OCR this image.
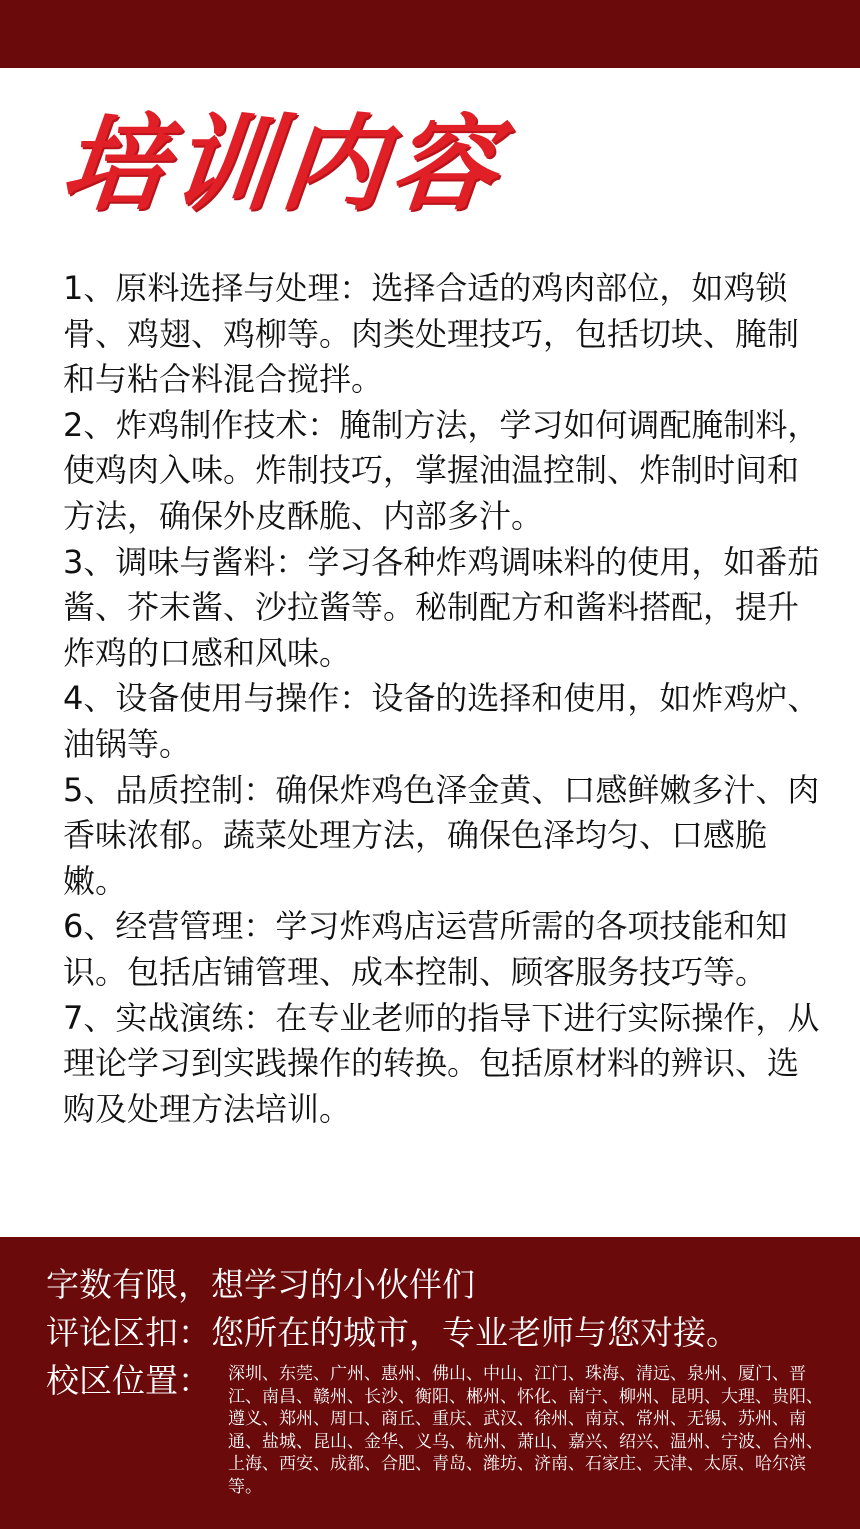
培训内容

1、原料选择与处理：选择合适的鸡肉部位，如鸡锁骨、鸡翅、鸡柳等。肉类处理技巧，包括切块、腌制和与粘合料混合搅拌。

2、炸鸡制作技术：腌制方法，学习如何调配腌制料，使鸡肉入味。炸制技巧，掌握油温控制、炸制时间和方法，确保外皮酥脆、内部多汁。

3、调味与酱料：学习各种炸鸡调味料的使用，如番茄酱、芥末酱、沙拉酱等。秘制配方和酱料搭配，提升炸鸡的口感和风味。

4、设备使用与操作：设备的选择和使用，如炸鸡炉、油锅等。

5、品质控制：确保炸鸡色泽金黄、口感鲜嫩多汁、肉香味浓郁。蔬菜处理方法，确保色泽均匀、口感脆嫩。

6、经营管理：学习炸鸡店运营所需的各项技能和知识。包括店铺管理、成本控制、顾客服务技巧等。

7、实战演练：在专业老师的指导下进行实际操作，从理论学习到实践操作的转换。包括原材料的辨识、选购及处理方法培训。

字数有限，想学习的小伙伴们
评论区扣：您所在的城市，专业老师与您对接。
校区位置： 深圳、东莞、广州、惠州、佛山、中山、江门、珠海、清远、泉州、厦门、晋江、南昌、赣州、长沙、衡阳、郴州、怀化、南宁、柳州、昆明、大理、贵阳、遵义、郑州、周口、商丘、重庆、武汉、徐州、南京、常州、无锡、苏州、南通、盐城、昆山、金华、义乌、杭州、萧山、嘉兴、绍兴、温州、宁波、台州、上海、西安、成都、合肥、青岛、潍坊、济南、石家庄、天津、太原、哈尔滨等。
